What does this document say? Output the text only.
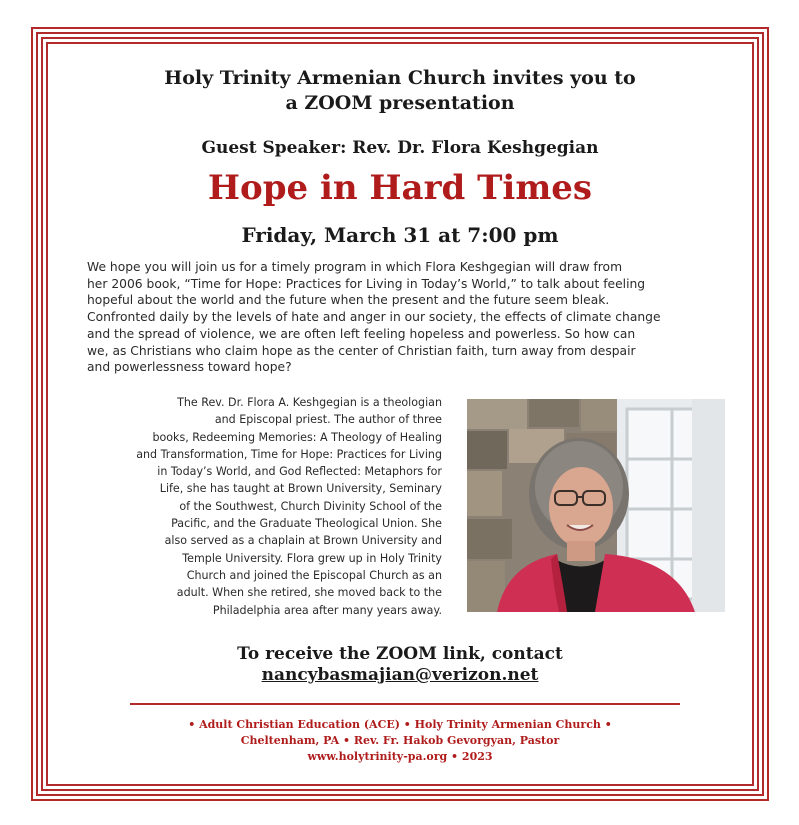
Holy Trinity Armenian Church invites you to
a ZOOM presentation
Guest Speaker: Rev. Dr. Flora Keshgegian
Hope in Hard Times
Friday, March 31 at 7:00 pm
We hope you will join us for a timely program in which Flora Keshgegian will draw from
her 2006 book, “Time for Hope: Practices for Living in Today’s World,” to talk about feeling
hopeful about the world and the future when the present and the future seem bleak.
Confronted daily by the levels of hate and anger in our society, the effects of climate change
and the spread of violence, we are often left feeling hopeless and powerless. So how can
we, as Christians who claim hope as the center of Christian faith, turn away from despair
and powerlessness toward hope?
The Rev. Dr. Flora A. Keshgegian is a theologian
and Episcopal priest. The author of three
books, Redeeming Memories: A Theology of Healing
and Transformation, Time for Hope: Practices for Living
in Today’s World, and God Reflected: Metaphors for
Life, she has taught at Brown University, Seminary
of the Southwest, Church Divinity School of the
Pacific, and the Graduate Theological Union. She
also served as a chaplain at Brown University and
Temple University. Flora grew up in Holy Trinity
Church and joined the Episcopal Church as an
adult. When she retired, she moved back to the
Philadelphia area after many years away.
To receive the ZOOM link, contact
nancybasmajian@verizon.net
• Adult Christian Education (ACE) • Holy Trinity Armenian Church •
Cheltenham, PA • Rev. Fr. Hakob Gevorgyan, Pastor
www.holytrinity-pa.org • 2023
